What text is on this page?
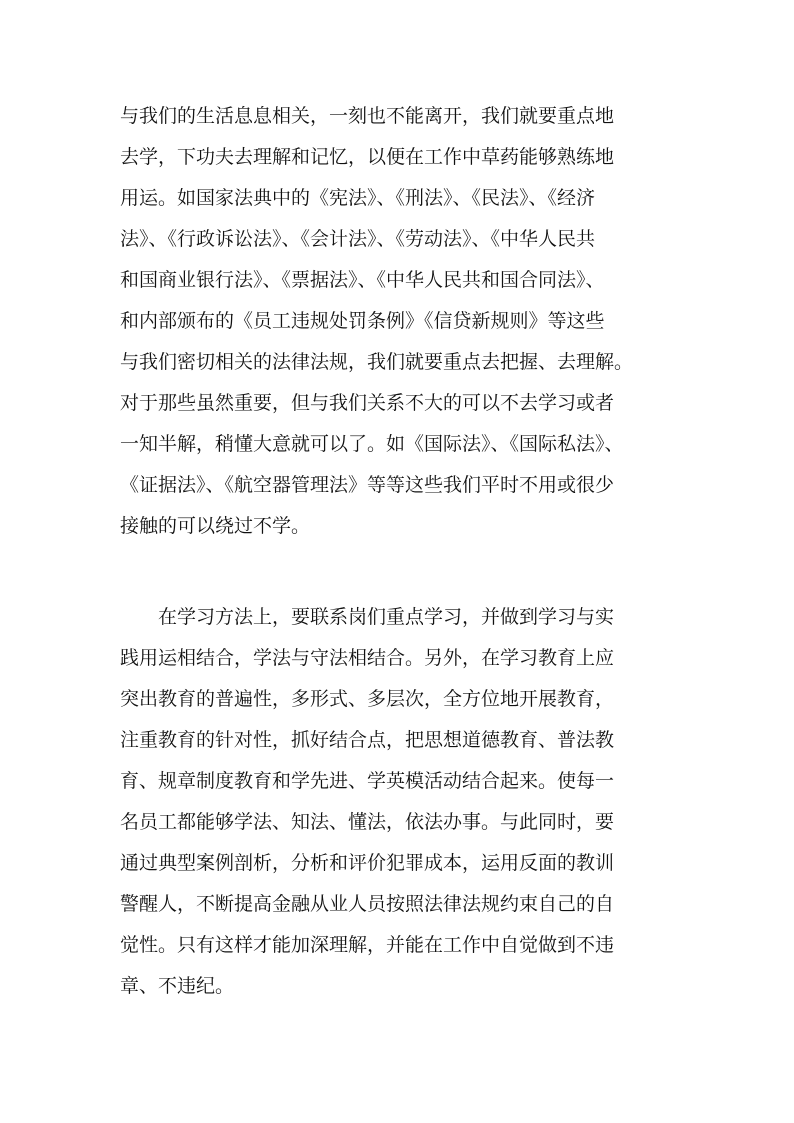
与我们的生活息息相关，一刻也不能离开，我们就要重点地
去学，下功夫去理解和记忆，以便在工作中草药能够熟练地
用运。如国家法典中的《宪法》、《刑法》、《民法》、《经济
法》、《行政诉讼法》、《会计法》、《劳动法》、《中华人民共
和国商业银行法》、《票据法》、《中华人民共和国合同法》、
和内部颁布的《员工违规处罚条例》《信贷新规则》等这些
与我们密切相关的法律法规，我们就要重点去把握、去理解。
对于那些虽然重要，但与我们关系不大的可以不去学习或者
一知半解，稍懂大意就可以了。如《国际法》、《国际私法》、
《证据法》、《航空器管理法》等等这些我们平时不用或很少
接触的可以绕过不学。
　　在学习方法上，要联系岗们重点学习，并做到学习与实
践用运相结合，学法与守法相结合。另外，在学习教育上应
突出教育的普遍性，多形式、多层次，全方位地开展教育，
注重教育的针对性，抓好结合点，把思想道德教育、普法教
育、规章制度教育和学先进、学英模活动结合起来。使每一
名员工都能够学法、知法、懂法，依法办事。与此同时，要
通过典型案例剖析，分析和评价犯罪成本，运用反面的教训
警醒人，不断提高金融从业人员按照法律法规约束自己的自
觉性。只有这样才能加深理解，并能在工作中自觉做到不违
章、不违纪。
